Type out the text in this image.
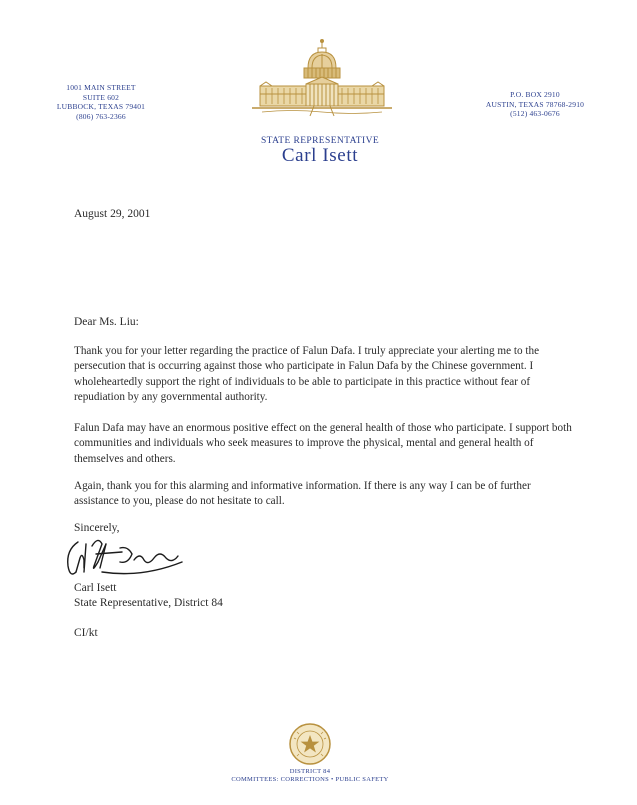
1001 MAIN STREET
SUITE 602
LUBBOCK, TEXAS 79401
(806) 763-2366
P.O. BOX 2910
AUSTIN, TEXAS 78768-2910
(512) 463-0676
STATE REPRESENTATIVE
Carl Isett
August 29, 2001
Dear Ms. Liu:

Thank you for your letter regarding the practice of Falun Dafa. I truly appreciate your alerting me to the persecution that is occurring against those who participate in Falun Dafa by the Chinese government. I wholeheartedly support the right of individuals to be able to participate in this practice without fear of repudiation by any governmental authority.

Falun Dafa may have an enormous positive effect on the general health of those who participate. I support both communities and individuals who seek measures to improve the physical, mental and general health of themselves and others.

Again, thank you for this alarming and informative information. If there is any way I can be of further assistance to you, please do not hesitate to call.

Sincerely,
Carl Isett
State Representative, District 84
CI/kt
DISTRICT 84
COMMITTEES: CORRECTIONS • PUBLIC SAFETY
